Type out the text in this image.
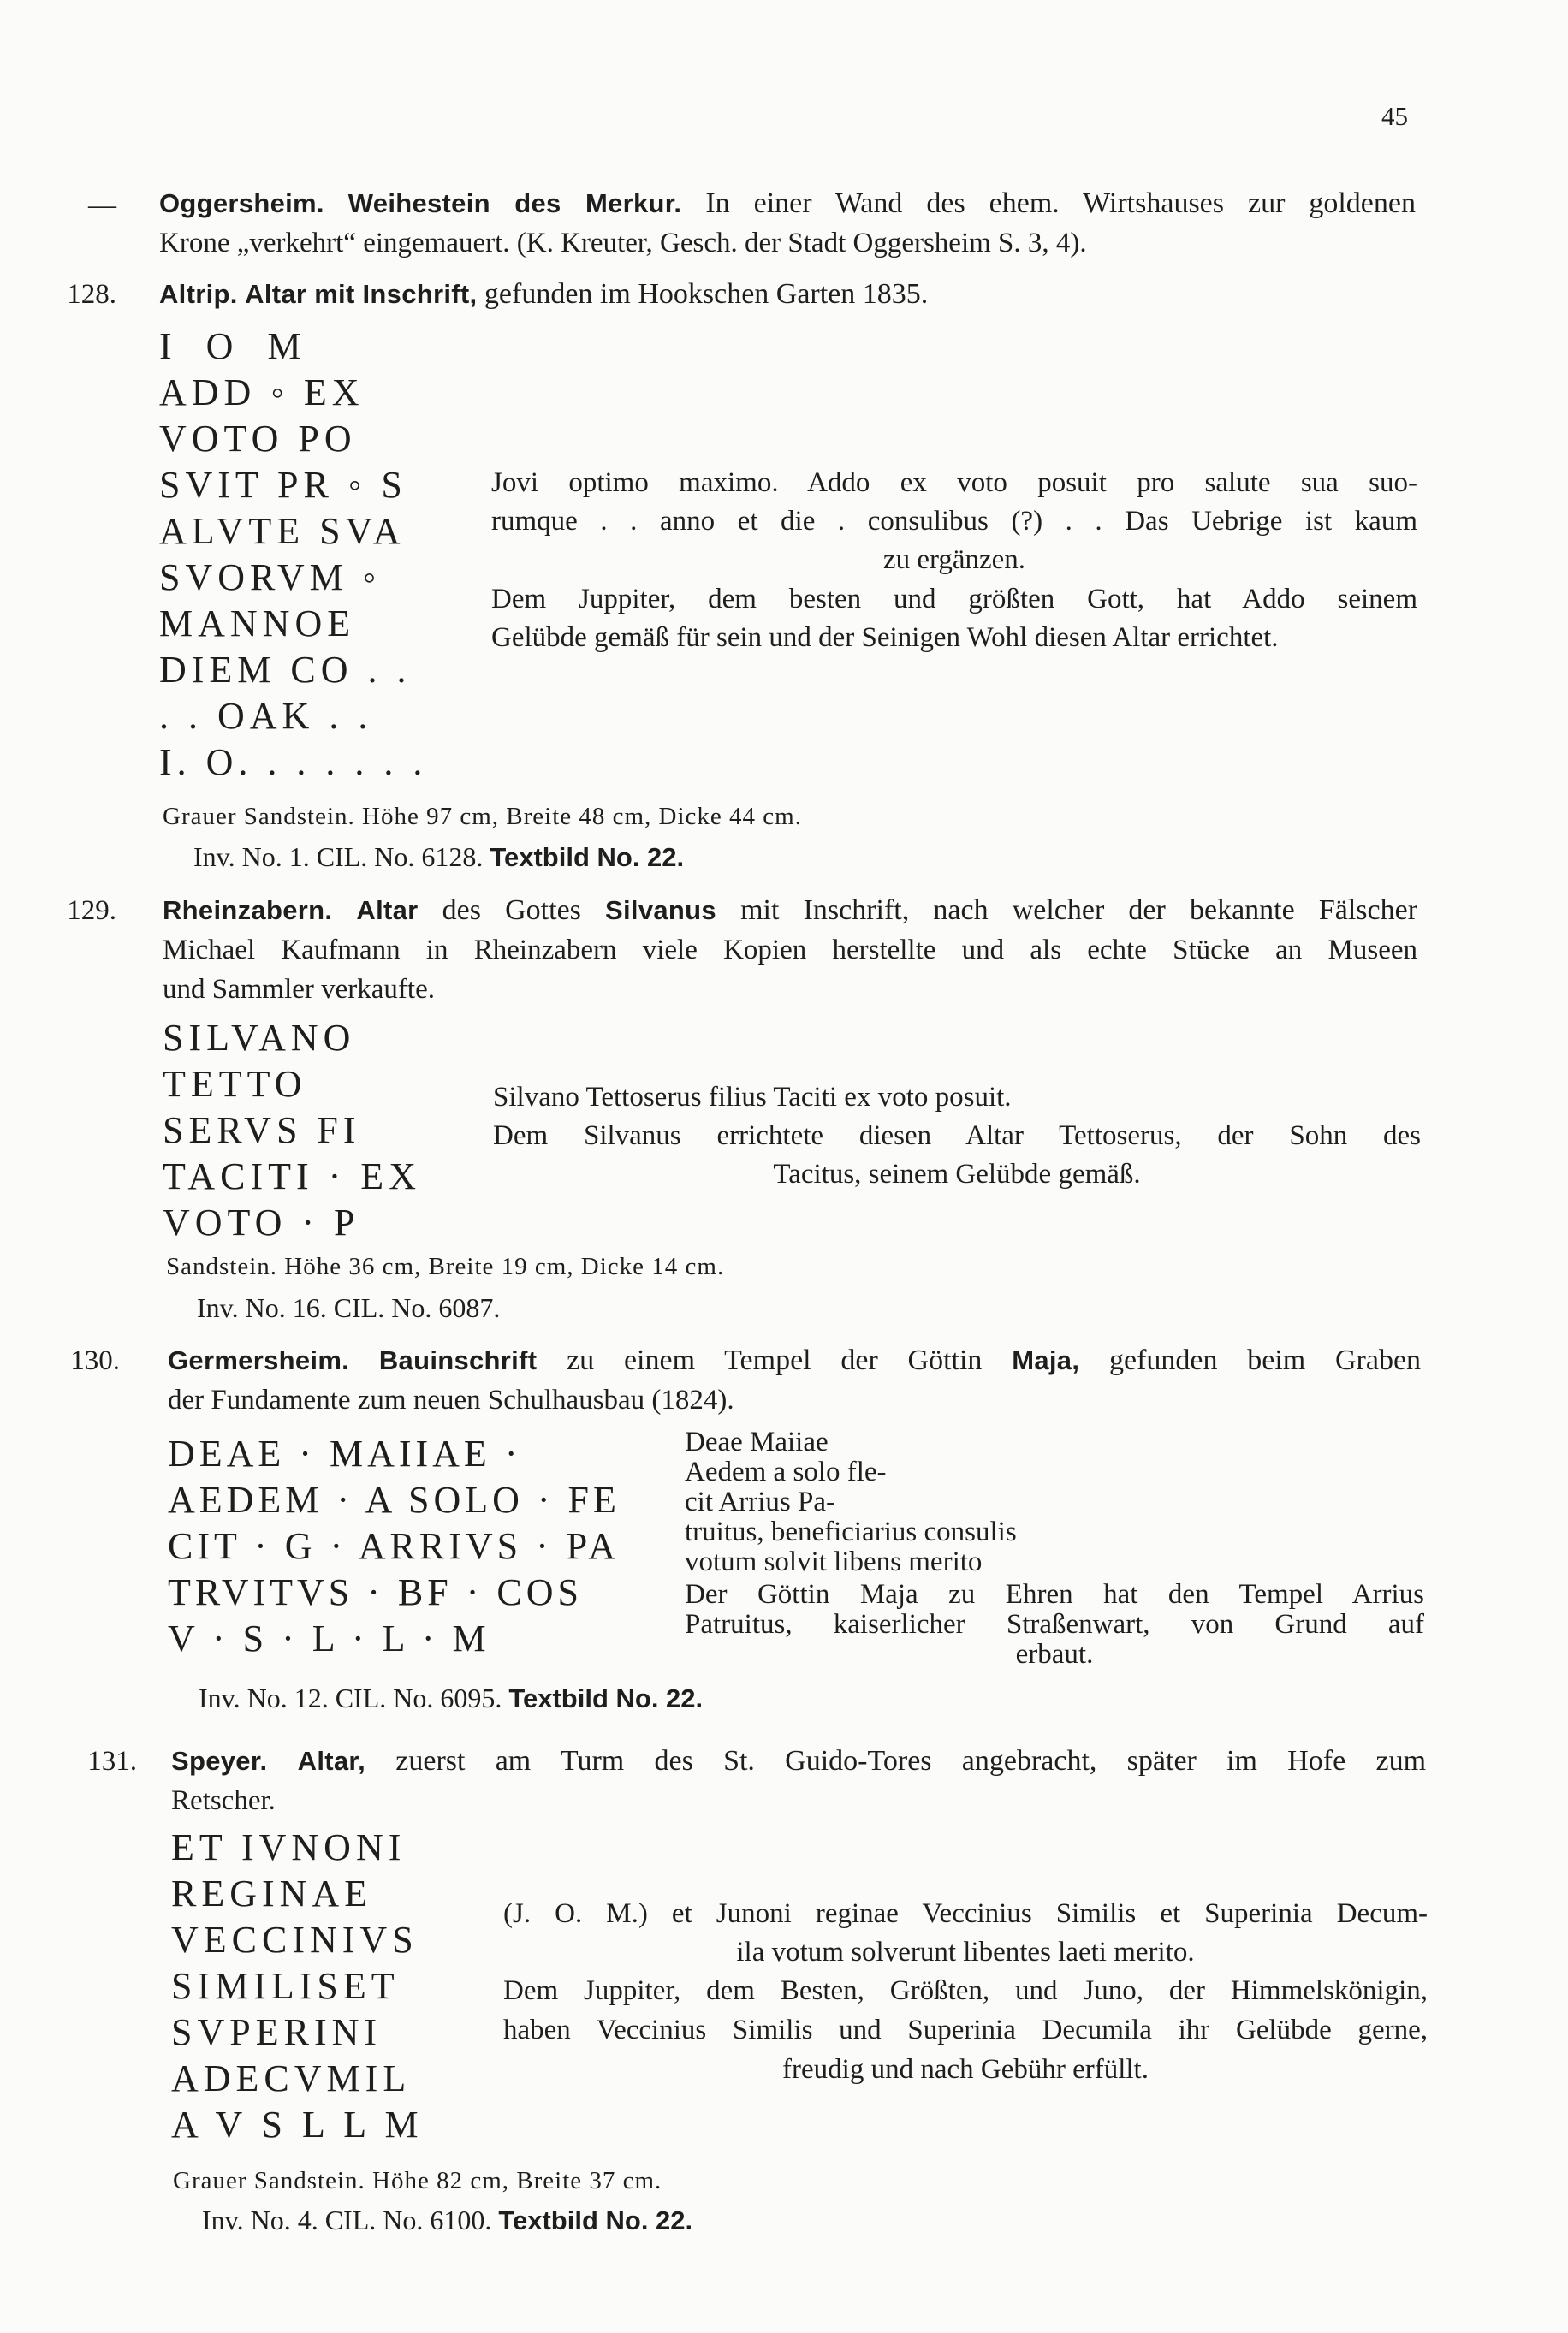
45
— Oggersheim. Weihestein des Merkur. In einer Wand des ehem. Wirtshauses zur goldenen
Krone „verkehrt“ eingemauert. (K. Kreuter, Gesch. der Stadt Oggersheim S. 3, 4).
128. Altrip. Altar mit Inschrift, gefunden im Hookschen Garten 1835.
I  O  M
ADD ◦ EX
VOTO PO
SVIT PR ◦ S
ALVTE SVA
SVORVM ◦
MANNOE
DIEM CO . .
. . OAK . .
I. O. . . . . . .
Jovi optimo maximo. Addo ex voto posuit pro salute sua suo-
rumque . . anno et die . consulibus (?) . . Das Uebrige ist kaum
zu ergänzen.
Dem Juppiter, dem besten und größten Gott, hat Addo seinem
Gelübde gemäß für sein und der Seinigen Wohl diesen Altar errichtet.
Grauer Sandstein. Höhe 97 cm, Breite 48 cm, Dicke 44 cm.
Inv. No. 1. CIL. No. 6128. Textbild No. 22.
129. Rheinzabern. Altar des Gottes Silvanus mit Inschrift, nach welcher der bekannte Fälscher
Michael Kaufmann in Rheinzabern viele Kopien herstellte und als echte Stücke an Museen
und Sammler verkaufte.
SILVANO
TETTO
SERVS FI
TACITI · EX
VOTO · P
Silvano Tettoserus filius Taciti ex voto posuit.
Dem Silvanus errichtete diesen Altar Tettoserus, der Sohn des
Tacitus, seinem Gelübde gemäß.
Sandstein. Höhe 36 cm, Breite 19 cm, Dicke 14 cm.
Inv. No. 16. CIL. No. 6087.
130. Germersheim. Bauinschrift zu einem Tempel der Göttin Maja, gefunden beim Graben
der Fundamente zum neuen Schulhausbau (1824).
DEAE · MAIIAE ·
AEDEM · A SOLO · FE
CIT · G · ARRIVS · PA
TRVITVS · BF · COS
V · S · L · L · M
Deae Maiiae
Aedem a solo fle-
cit Arrius Pa-
truitus, beneficiarius consulis
votum solvit libens merito
Der Göttin Maja zu Ehren hat den Tempel Arrius
Patruitus, kaiserlicher Straßenwart, von Grund auf
erbaut.
Inv. No. 12. CIL. No. 6095. Textbild No. 22.
131. Speyer. Altar, zuerst am Turm des St. Guido-Tores angebracht, später im Hofe zum
Retscher.
ET IVNONI
REGINAE
VECCINIVS
SIMILISET
SVPERINI
ADECVMIL
A V S L L M
(J. O. M.) et Junoni reginae Veccinius Similis et Superinia Decum-
ila votum solverunt libentes laeti merito.
Dem Juppiter, dem Besten, Größten, und Juno, der Himmelskönigin,
haben Veccinius Similis und Superinia Decumila ihr Gelübde gerne,
freudig und nach Gebühr erfüllt.
Grauer Sandstein. Höhe 82 cm, Breite 37 cm.
Inv. No. 4. CIL. No. 6100. Textbild No. 22.
